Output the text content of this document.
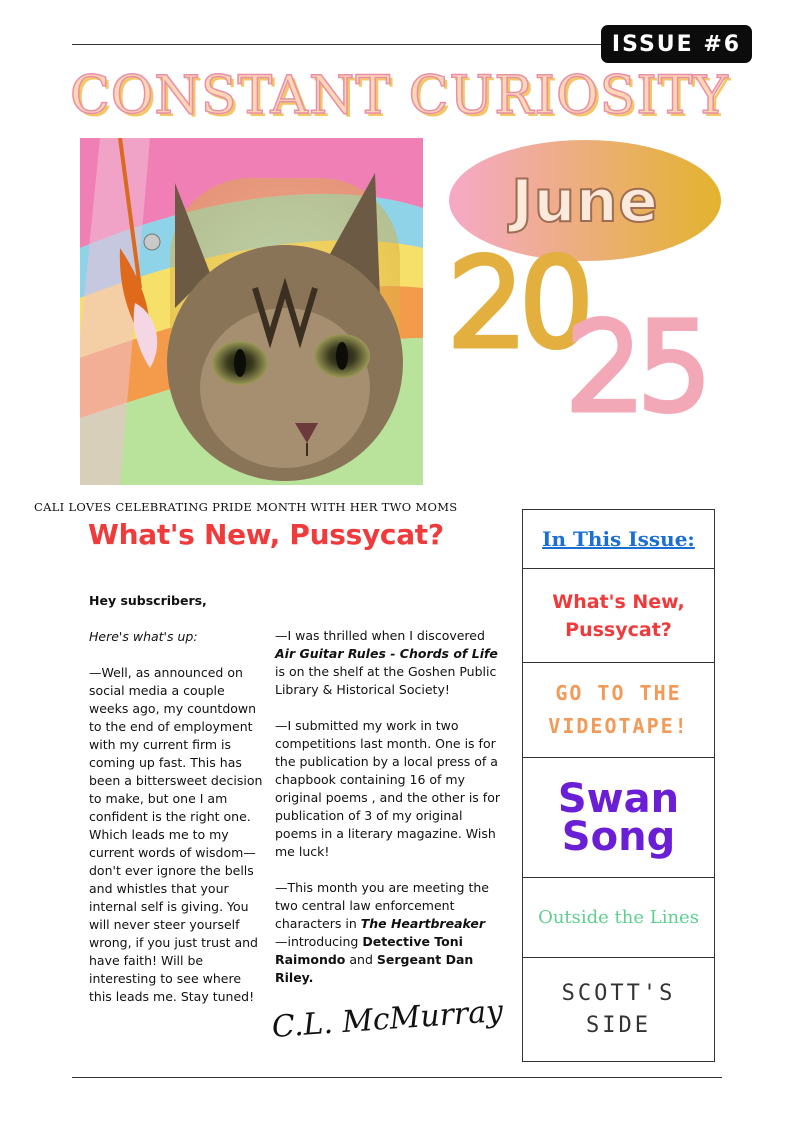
ISSUE #6
CONSTANT CURIOSITY
June
20
25
CALI LOVES CELEBRATING PRIDE MONTH WITH HER TWO MOMS
What's New, Pussycat?

Hey subscribers,

Here's what's up:

—Well, as announced on social media a couple weeks ago, my countdown to the end of employment with my current firm is coming up fast. This has been a bittersweet decision to make, but one I am confident is the right one. Which leads me to my current words of wisdom—don't ever ignore the bells and whistles that your internal self is giving. You will never steer yourself wrong, if you just trust and have faith! Will be interesting to see where this leads me. Stay tuned!

—I was thrilled when I discovered Air Guitar Rules - Chords of Life is on the shelf at the Goshen Public Library & Historical Society!

—I submitted my work in two competitions last month. One is for the publication by a local press of a chapbook containing 16 of my original poems , and the other is for publication of 3 of my original poems in a literary magazine. Wish me luck!

—This month you are meeting the two central law enforcement characters in The Heartbreaker —introducing Detective Toni Raimondo and Sergeant Dan Riley.

C.L. McMurray
In This Issue:
What's New, Pussycat?
GO TO THE VIDEOTAPE!
Swan Song
Outside the Lines
SCOTT'S SIDE
